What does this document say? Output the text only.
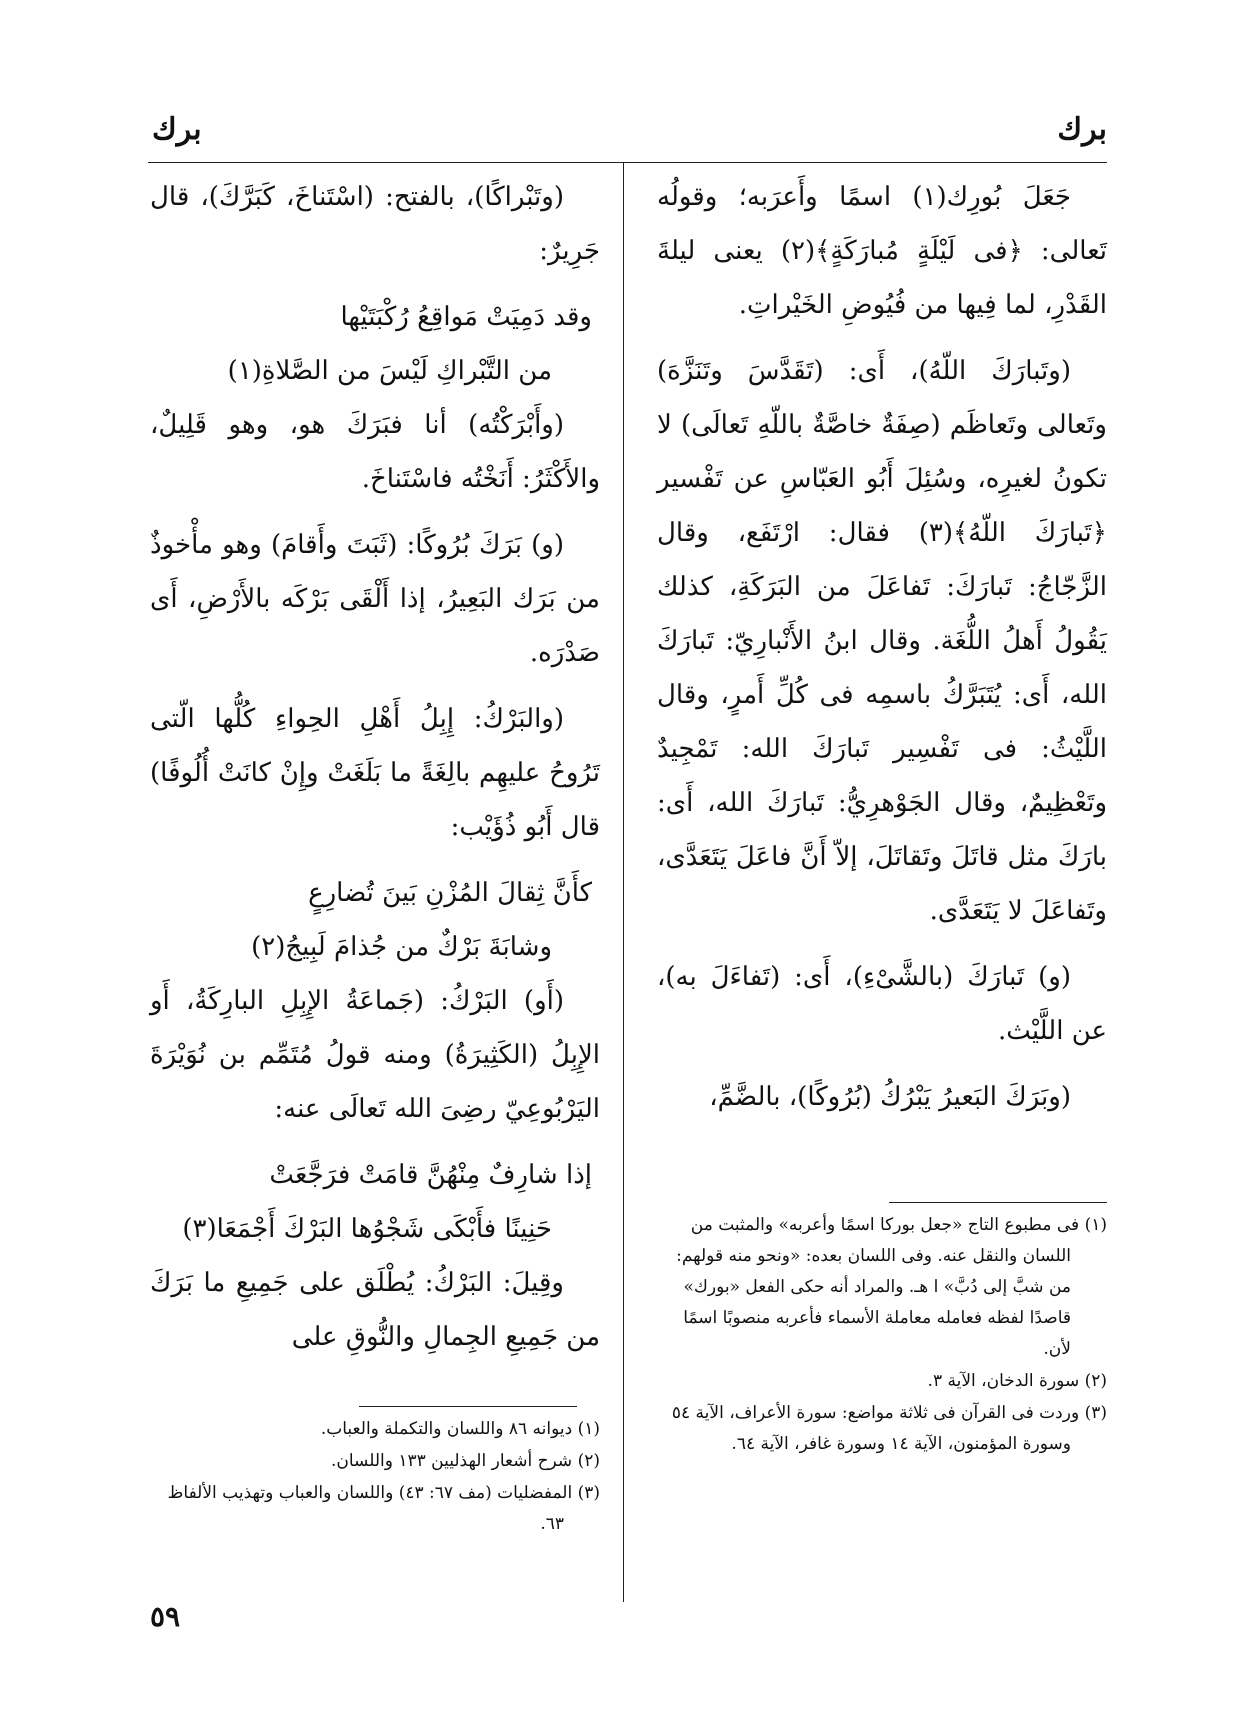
برك
برك

جَعَلَ بُورِك(١) اسمًا وأَعرَبه؛ وقولُه تَعالى: ﴿فى لَيْلَةٍ مُبارَكَةٍ﴾(٢) يعنى ليلةَ القَدْرِ، لما فِيها من فُيُوضِ الخَيْراتِ.

(وتَبارَكَ اللّهُ)، أَى: (تَقَدَّسَ وتَنَزَّهَ) وتَعالى وتَعاظَم (صِفَةٌ خاصَّةٌ باللّهِ تَعالَى) لا تكونُ لغيرِه، وسُئِلَ أَبُو العَبّاسِ عن تَفْسير ﴿تَبارَكَ اللّهُ﴾(٣) فقال: ارْتَفَع، وقال الزَّجّاجُ: تَبارَكَ: تَفاعَلَ من البَرَكَةِ، كذلك يَقُولُ أَهلُ اللُّغَة. وقال ابنُ الأَنْبارِيّ: تَبارَكَ الله، أَى: يُتَبَرَّكُ باسمِه فى كُلِّ أَمرٍ، وقال اللَّيْثُ: فى تَفْسِير تَبارَكَ الله: تَمْجِيدٌ وتَعْظِيمٌ، وقال الجَوْهرِيُّ: تَبارَكَ الله، أَى: بارَكَ مثل قاتَلَ وتَقاتَلَ، إلاّ أَنَّ فاعَلَ يَتَعَدَّى، وتَفاعَلَ لا يَتَعَدَّى.

(و) تَبارَكَ (بالشَّىْءِ)، أَى: (تَفاءَلَ به)، عن اللَّيْث.

(وبَرَكَ البَعيرُ يَبْرُكُ (بُرُوكًا)، بالضَّمِّ،

(١) فى مطبوع التاج «جعل بوركا اسمًا وأعربه» والمثبت من اللسان والنقل عنه. وفى اللسان بعده: «ونحو منه قولهم: من شبَّ إلى دُبَّ» ا هـ. والمراد أنه حكى الفعل «بورك» قاصدًا لفظه فعامله معاملة الأسماء فأعربه منصوبًا اسمًا لأن.

(٢) سورة الدخان، الآية ٣.

(٣) وردت فى القرآن فى ثلاثة مواضع: سورة الأعراف، الآية ٥٤ وسورة المؤمنون، الآية ١٤ وسورة غافر، الآية ٦٤.

(وتَبْراكًا)، بالفتح: (اسْتَناخَ، كَبَرَّكَ)، قال جَرِيرٌ:

وقد دَمِيَتْ مَواقِعُ رُكْبَتَيْها

من التَّبْراكِ لَيْسَ من الصَّلاةِ(١)

(وأَبْرَكْتُه) أنا فبَرَكَ هو، وهو قَلِيلٌ، والأَكْثَرُ: أَنَخْتُه فاسْتَناخَ.

(و) بَرَكَ بُرُوكًا: (ثَبَتَ وأَقامَ) وهو مأْخوذٌ من بَرَك البَعِيرُ، إذا أَلْقَى بَرْكَه بالأَرْضِ، أَى صَدْرَه.

(والبَرْكُ: إِبِلُ أَهْلِ الحِواءِ كُلُّها الّتى تَرُوحُ عليهِم بالِغَةً ما بَلَغَتْ وإِنْ كانَتْ أُلُوفًا) قال أَبُو ذُؤَيْب:

كأَنَّ ثِقالَ المُزْنِ بَينَ تُضارِعٍ

وشابَةَ بَرْكٌ من جُذامَ لَبِيجُ(٢)

(أَو) البَرْكُ: (جَماعَةُ الإِبِلِ البارِكَةُ، أَو الإِبِلُ (الكَثِيرَةُ) ومنه قولُ مُتَمِّم بن نُوَيْرَةَ اليَرْبُوعِيّ رضِىَ الله تَعالَى عنه:

إذا شارِفٌ مِنْهُنَّ قامَتْ فرَجَّعَتْ

حَنِينًا فأَبْكَى شَجْوُها البَرْكَ أَجْمَعَا(٣)

وقِيلَ: البَرْكُ: يُطْلَق على جَمِيعِ ما بَرَكَ من جَمِيعِ الجِمالِ والنُّوقِ على

(١) ديوانه ٨٦ واللسان والتكملة والعباب.

(٢) شرح أشعار الهذليين ١٣٣ واللسان.

(٣) المفضليات (مف ٦٧: ٤٣) واللسان والعباب وتهذيب الألفاظ ٦٣.

٥٩
